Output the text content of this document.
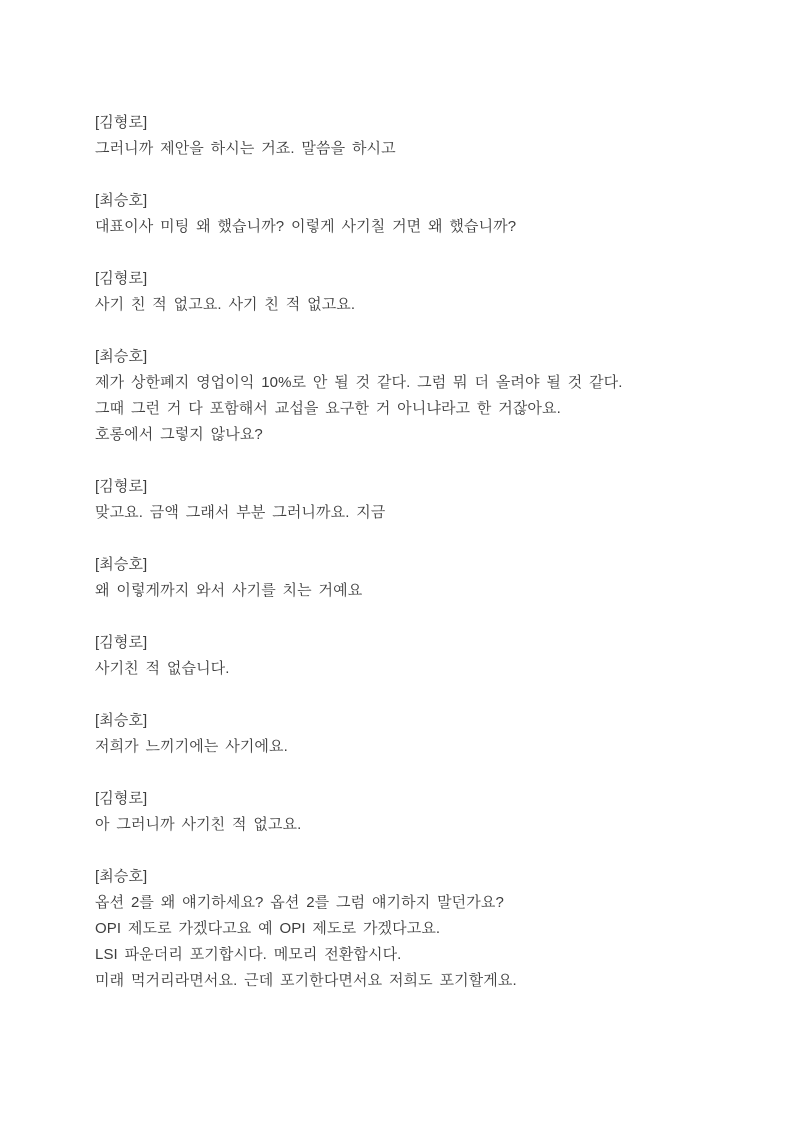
[김형로]
그러니까 제안을 하시는 거죠. 말씀을 하시고
[최승호]
대표이사 미팅 왜 했습니까? 이렇게 사기칠 거면 왜 했습니까?
[김형로]
사기 친 적 없고요. 사기 친 적 없고요.
[최승호]
제가 상한폐지 영업이익 10%로 안 될 것 같다. 그럼 뭐 더 올려야 될 것 같다.
그때 그런 거 다 포함해서 교섭을 요구한 거 아니냐라고 한 거잖아요.
호롱에서 그렇지 않나요?
[김형로]
맞고요. 금액 그래서 부분 그러니까요. 지금
[최승호]
왜 이렇게까지 와서 사기를 치는 거예요
[김형로]
사기친 적 없습니다.
[최승호]
저희가 느끼기에는 사기에요.
[김형로]
아 그러니까 사기친 적 없고요.
[최승호]
옵션 2를 왜 얘기하세요? 옵션 2를 그럼 얘기하지 말던가요?
OPI 제도로 가겠다고요 예 OPI 제도로 가겠다고요.
LSI 파운더리 포기합시다. 메모리 전환합시다.
미래 먹거리라면서요. 근데 포기한다면서요 저희도 포기할게요.
